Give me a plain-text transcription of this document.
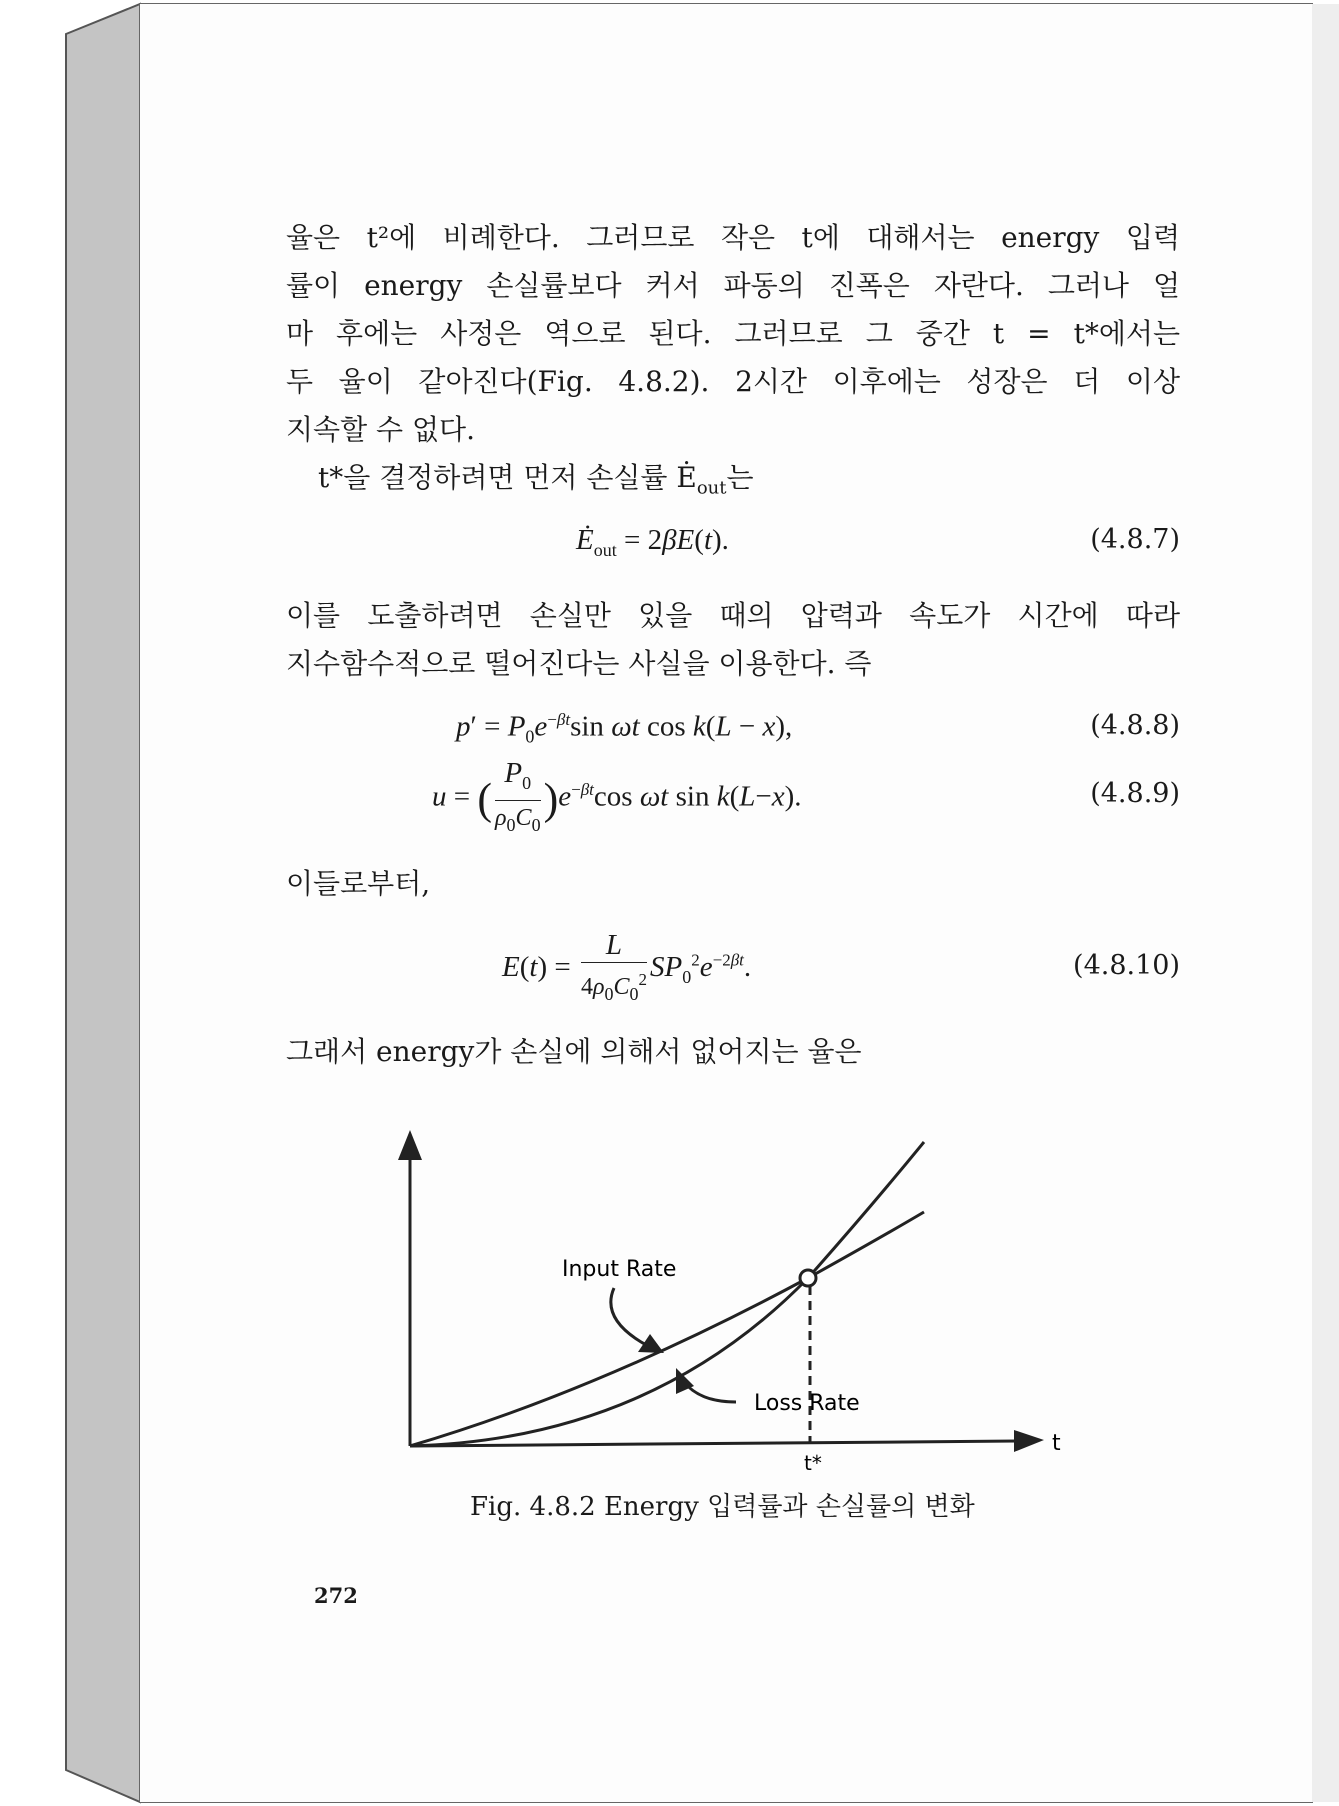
율은 t²에 비례한다. 그러므로 작은 t에 대해서는 energy 입력
률이 energy 손실률보다 커서 파동의 진폭은 자란다. 그러나 얼
마 후에는 사정은 역으로 된다. 그러므로 그 중간 t = t*에서는
두 율이 같아진다(Fig. 4.8.2). 2시간 이후에는 성장은 더 이상
지속할 수 없다.
t*을 결정하려면 먼저 손실률 $Ė_{out}$는
$Ė_{out} = 2\beta E(t)$.	(4.8.7)
이를 도출하려면 손실만 있을 때의 압력과 속도가 시간에 따라
지수함수적으로 떨어진다는 사실을 이용한다. 즉
$p' = P_0e^{-\beta t}\sin$ ωt cos k(L − x),	(4.8.8)
u = ( $\frac{P_0}{\rho_0C_0} )e^{-\beta t}\cos$ ωt sin k(L−x).	(4.8.9)
이들로부터,
$E(t) = \frac{L}{4\rho_0C_0^2} SP_0^2e^{-2\beta t}$.	(4.8.10)
그래서 energy가 손실에 의해서 없어지는 율은
t
t*
Input Rate
Loss Rate
Fig. 4.8.2 Energy 입력률과 손실률의 변화
272
